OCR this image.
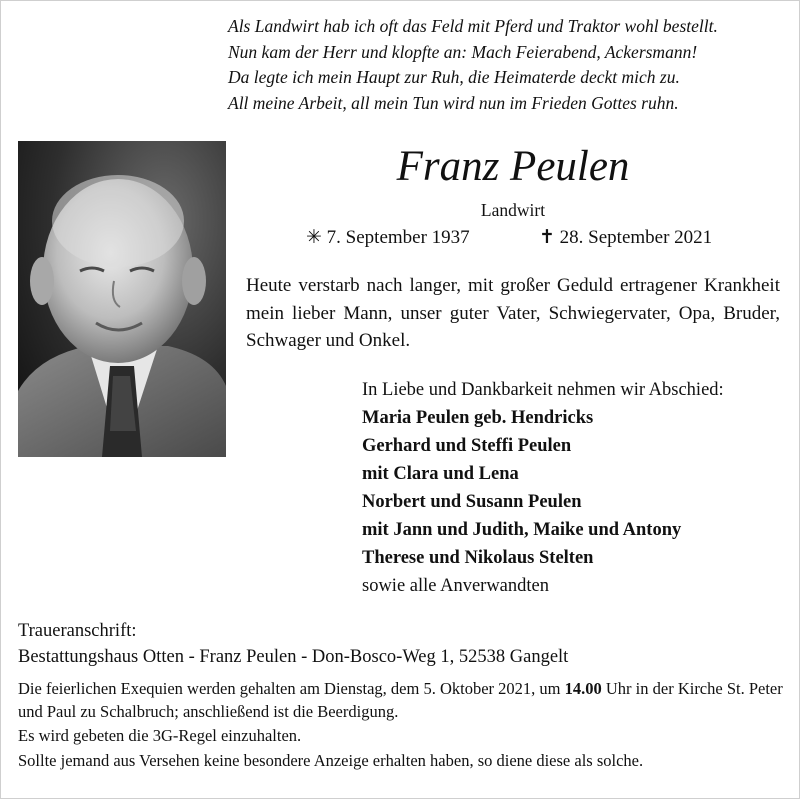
Als Landwirt hab ich oft das Feld mit Pferd und Traktor wohl bestellt.
Nun kam der Herr und klopfte an: Mach Feierabend, Ackersmann!
Da legte ich mein Haupt zur Ruh, die Heimaterde deckt mich zu.
All meine Arbeit, all mein Tun wird nun im Frieden Gottes ruhn.
Franz Peulen
Landwirt
✳ 7. September 1937	✝ 28. September 2021
Heute verstarb nach langer, mit großer Geduld ertragener Krankheit mein lieber Mann, unser guter Vater, Schwiegervater, Opa, Bruder, Schwager und Onkel.
In Liebe und Dankbarkeit nehmen wir Abschied:
Maria Peulen geb. Hendricks
Gerhard und Steffi Peulen
mit Clara und Lena
Norbert und Susann Peulen
mit Jann und Judith, Maike und Antony
Therese und Nikolaus Stelten
sowie alle Anverwandten
Traueranschrift:
Bestattungshaus Otten - Franz Peulen - Don-Bosco-Weg 1, 52538 Gangelt
Die feierlichen Exequien werden gehalten am Dienstag, dem 5. Oktober 2021, um 14.00 Uhr in der Kirche St. Peter und Paul zu Schalbruch; anschließend ist die Beerdigung.
Es wird gebeten die 3G-Regel einzuhalten.
Sollte jemand aus Versehen keine besondere Anzeige erhalten haben, so diene diese als solche.
